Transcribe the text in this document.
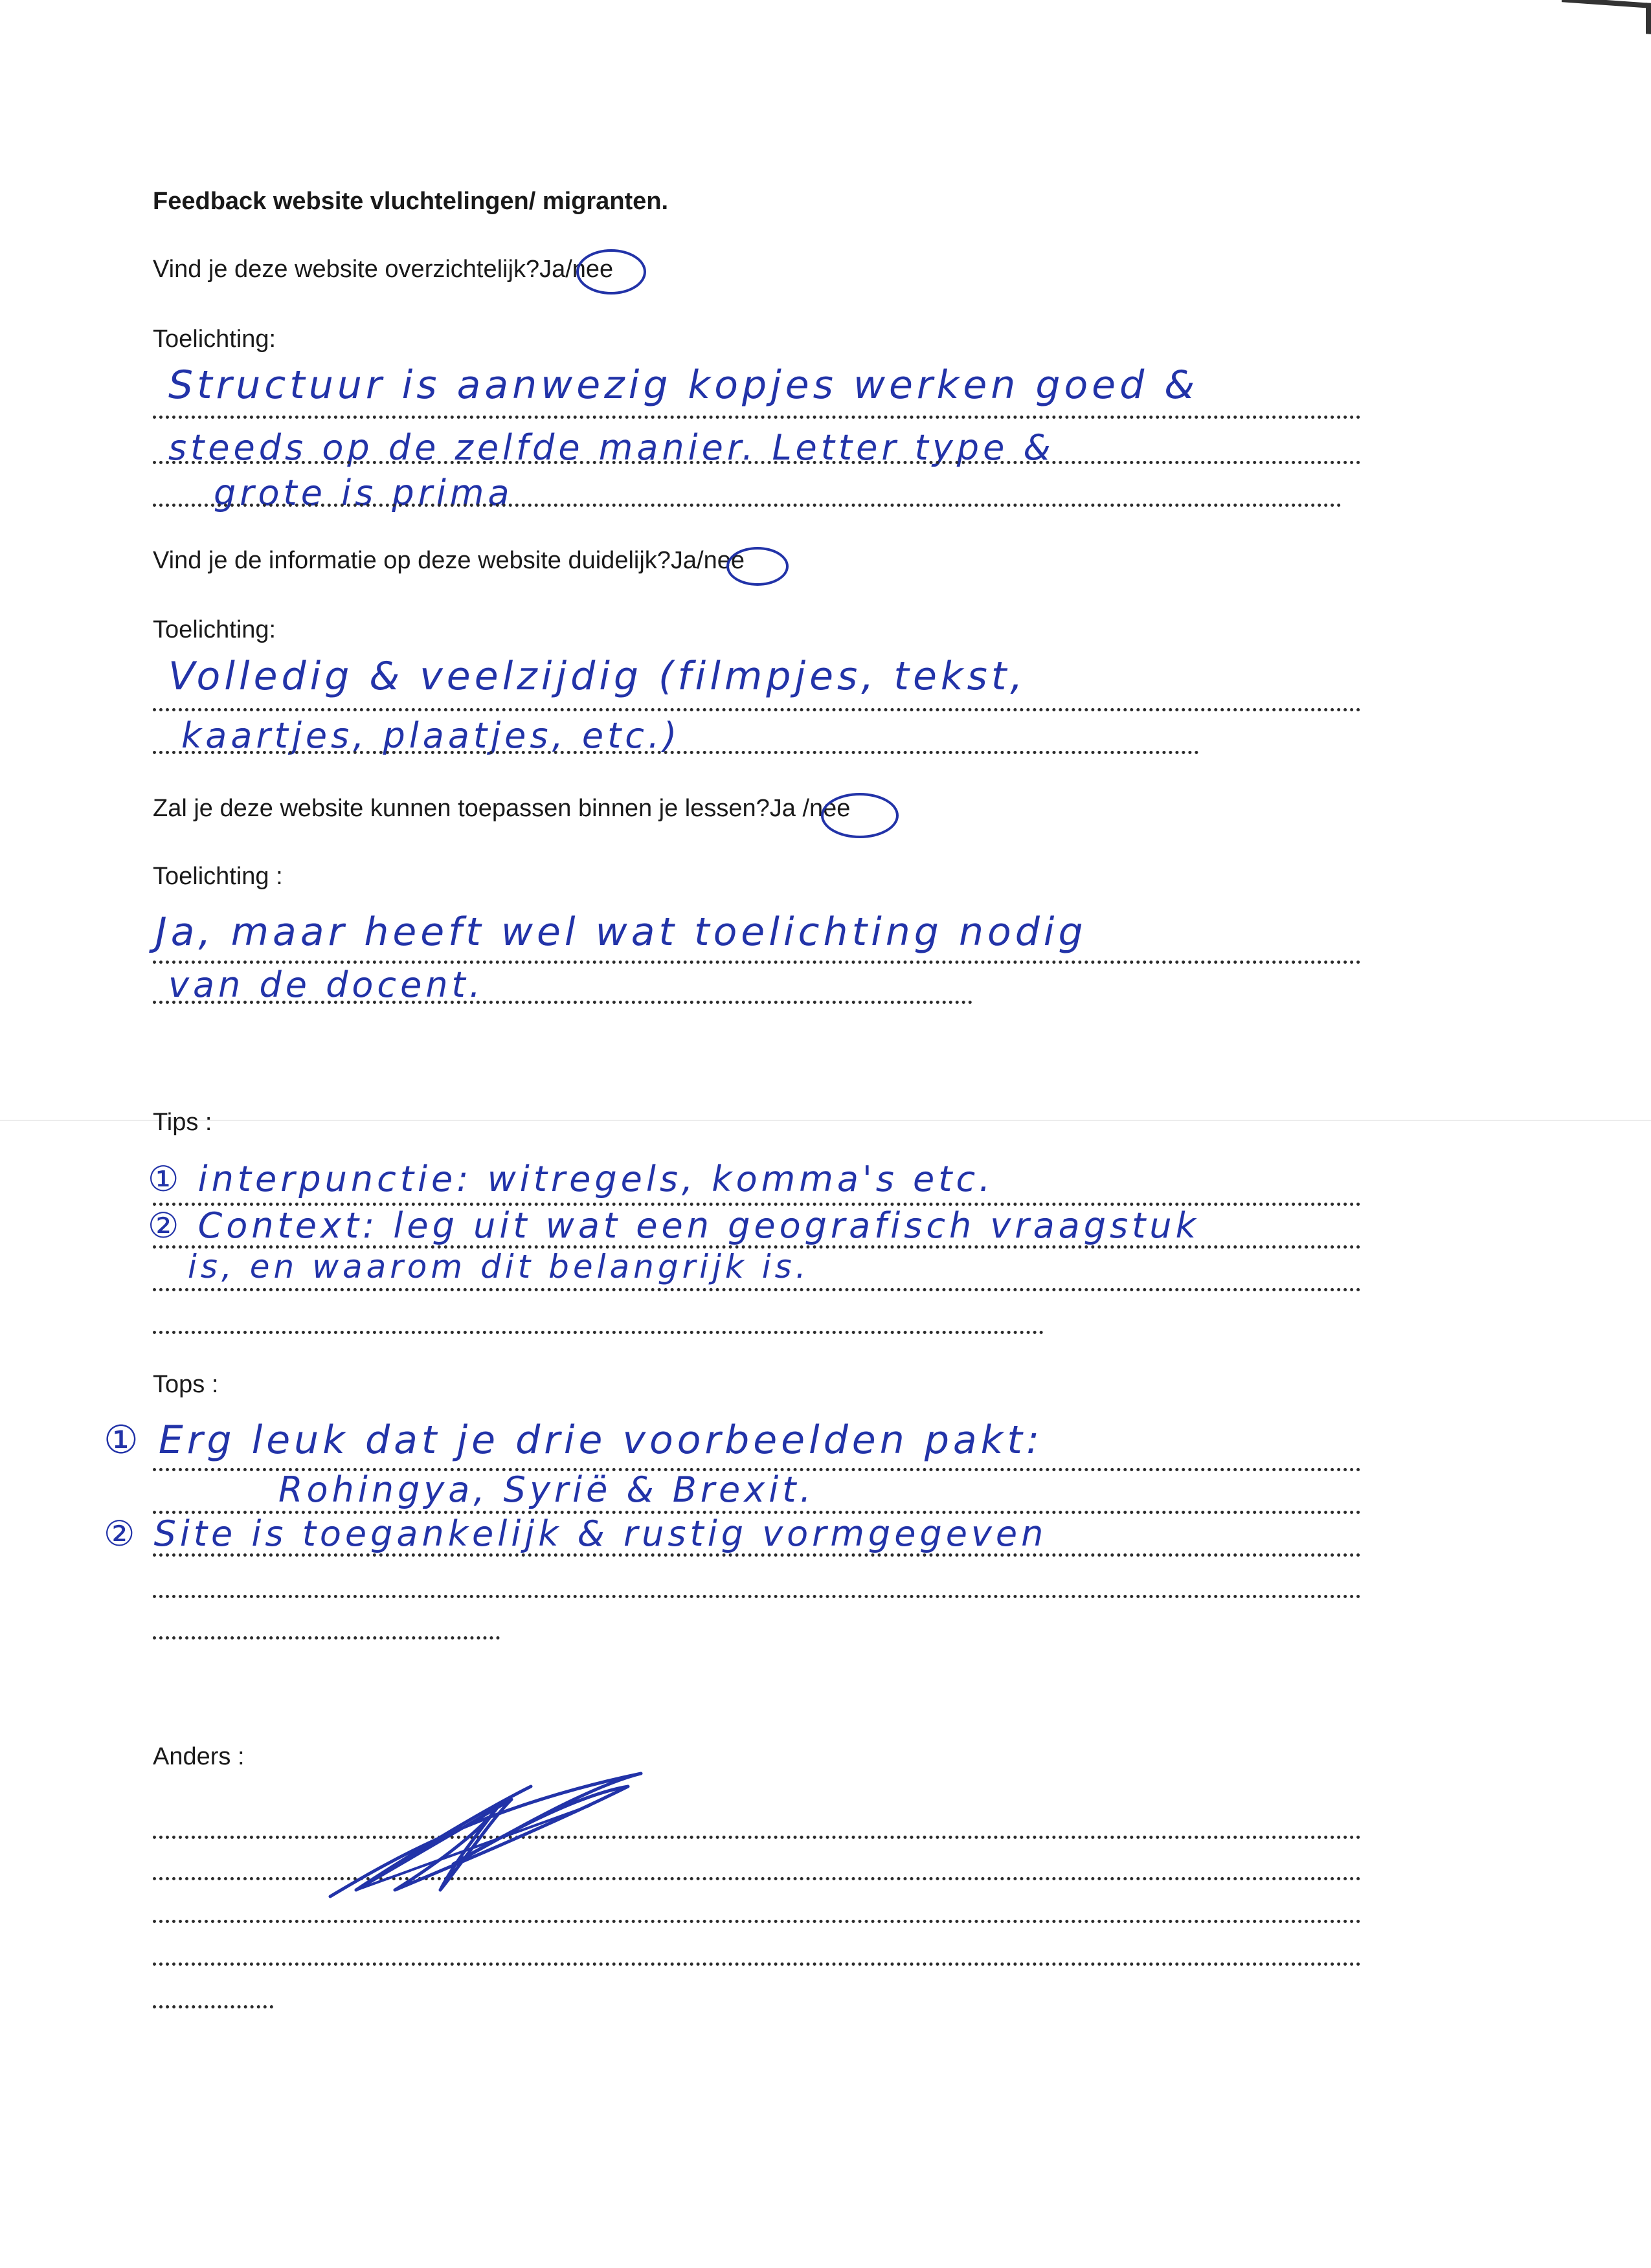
Feedback website vluchtelingen/ migranten.

Vind je deze website overzichtelijk?Ja/nee

Toelichting:

Structuur is aanwezig kopjes werken goed &
steeds op de zelfde manier. Letter type &
grote is prima

Vind je de informatie op deze website duidelijk?Ja/nee

Toelichting:

Volledig & veelzijdig (filmpjes, tekst,
kaartjes, plaatjes, etc.)

Zal je deze website kunnen toepassen binnen je lessen?Ja /nee

Toelichting :

Ja, maar heeft wel wat toelichting nodig
van de docent.

Tips :

① interpunctie: witregels, komma's etc.
② Context: leg uit wat een geografisch vraagstuk
is, en waarom dit belangrijk is.

Tops :

① Erg leuk dat je drie voorbeelden pakt:
Rohingya, Syrië & Brexit.
② Site is toegankelijk & rustig vormgegeven

Anders :
